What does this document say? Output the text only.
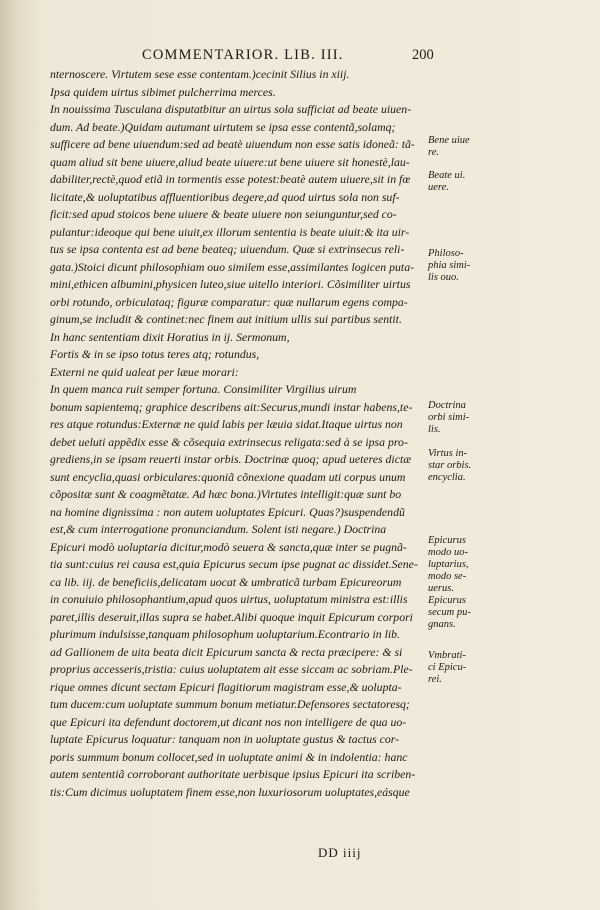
COMMENTARIOR. LIB. III.	200
nternoscere. Virtutem sese esse contentam.)cecinit Silius in xiij.
Ipsa quidem uirtus sibimet pulcherrima merces.
In nouissima Tusculana disputatbitur an uirtus sola sufficiat ad beate uiuen-
dum. Ad beate.)Quidam autumant uirtutem se ipsa esse contentã,solamq;
sufficere ad bene uiuendum:sed ad beatè uiuendum non esse satis idoneã: tã-
quam aliud sit bene uiuere,aliud beate uiuere:ut bene uiuere sit honestè,lau-
dabiliter,rectè,quod etiã in tormentis esse potest:beatè autem uiuere,sit in fœ
licitate,& uoluptatibus affluentioribus degere,ad quod uirtus sola non suf-
ficit:sed apud stoicos bene uiuere & beate uiuere non seiunguntur,sed co-
pulantur:ideoque qui bene uiuit,ex illorum sententia is beate uiuit:& ita uir-
tus se ipsa contenta est ad bene beateq; uiuendum. Quæ si extrinsecus reli-
gata.)Stoici dicunt philosophiam ouo similem esse,assimilantes logicen puta-
mini,ethicen albumini,physicen luteo,siue uitello interiori. Cõsimiliter uirtus
orbi rotundo, orbiculataq; figuræ comparatur: quæ nullarum egens compa-
ginum,se includit & continet:nec finem aut initium ullis sui partibus sentit.
In hanc sententiam dixit Horatius in ij. Sermonum,
Fortis & in se ipso totus teres atq; rotundus,
Externi ne quid ualeat per læue morari:
In quem manca ruit semper fortuna. Consimiliter Virgilius uirum
bonum sapientemq; graphice describens ait:Securus,mundi instar habens,te-
res atque rotundus:Externæ ne quid labis per læuia sidat.Itaque uirtus non
debet ueluti appẽdix esse & cõsequia extrinsecus religata:sed à se ipsa pro-
grediens,in se ipsam reuerti instar orbis. Doctrinæ quoq; apud ueteres dictæ
sunt encyclia,quasi orbiculares:quoniã cõnexione quadam uti corpus unum
cõpositæ sunt & coagmẽtatæ. Ad hæc bona.)Virtutes intelligit:quæ sunt bo
na homine dignissima : non autem uoluptates Epicuri. Quas?)suspendendũ
est,& cum interrogatione pronunciandum. Solent isti negare.) Doctrina
Epicuri modò uoluptaria dicitur,modò seuera & sancta,quæ inter se pugnã-
tia sunt:cuius rei causa est,quia Epicurus secum ipse pugnat ac dissidet.Sene-
ca lib. iij. de beneficiis,delicatam uocat & umbraticã turbam Epicureorum
in conuiuio philosophantium,apud quos uirtus, uoluptatum ministra est:illis
paret,illis deseruit,illas supra se habet.Alibi quoque inquit Epicurum corpori
plurimum indulsisse,tanquam philosophum uoluptarium.Econtrario in lib.
ad Gallionem de uita beata dicit Epicurum sancta & recta præcipere: & si
proprius accesseris,tristia: cuius uoluptatem ait esse siccam ac sobriam.Ple-
rique omnes dicunt sectam Epicuri flagitiorum magistram esse,& uolupta-
tum ducem:cum uoluptate summum bonum metiatur.Defensores sectatoresq;
que Epicuri ita defendunt doctorem,ut dicant nos non intelligere de qua uo-
luptate Epicurus loquatur: tanquam non in uoluptate gustus & tactus cor-
poris summum bonum collocet,sed in uoluptate animi & in indolentia: hanc
autem sententiã corroborant authoritate uerbisque ipsius Epicuri ita scriben-
tis:Cum dicimus uoluptatem finem esse,non luxuriosorum uoluptates,eásque
Bene uiue
re.
Beate ui.
uere.
Philoso-
phia simi-
lis ouo.
Doctrina
orbi simi-
lis.
Virtus in-
star orbis.
encyclia.
Epicurus
modo uo-
luptarius,
modo se-
uerus.
Epicurus
secum pu-
gnans.
Vmbrati-
ci Epicu-
rei.
DD iiij
